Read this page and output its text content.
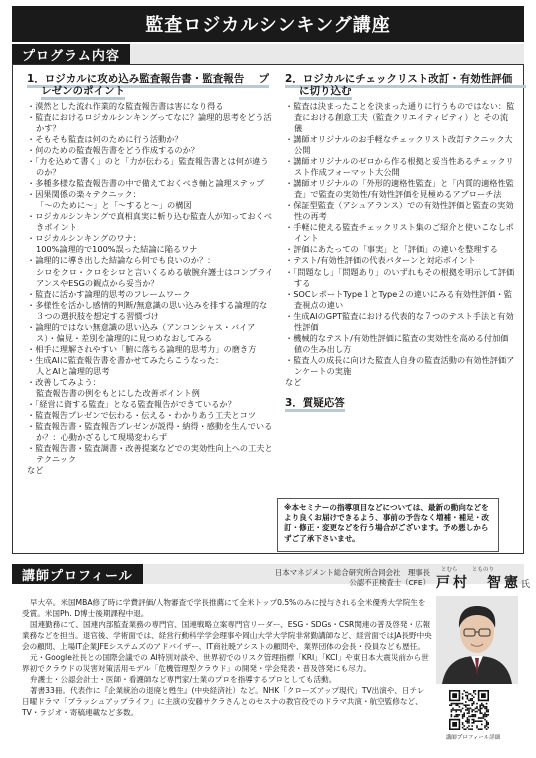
監査ロジカルシンキング講座
プログラム内容
1．ロジカルに攻め込み監査報告書・監査報告　 プレゼンのポイント
・漠然とした流れ作業的な監査報告書は害になり得る
・監査におけるロジカルシンキングってなに？論理的思考をどう活かす？
・そもそも監査は何のために行う活動か？
・何のための監査報告書をどう作成するのか？
・「力を込めて書く」のと「力が伝わる」監査報告書とは何が違うのか？
・多種多様な監査報告書の中で備えておくべき軸と論理ステップ
・因果関係の楽々テクニック：
「〜のために〜」と「〜すると〜」の構図
・ロジカルシンキングで真相真実に斬り込む監査人が知っておくべきポイント
・ロジカルシンキングのワナ：
100%論理的で100%誤った結論に陥るワナ
・論理的に導き出した結論なら何でも良いのか？：
シロをクロ・クロをシロと言いくるめる敏腕弁護士はコンプライアンスやESGの観点から妥当か？
・監査に活かす論理的思考のフレームワーク
・多様性を活かし感情的判断/無意識の思い込みを排する論理的な３つの選択肢を想定する習慣づけ
・論理的ではない無意識の思い込み（アンコンシャス・バイアス）・偏見・差別を論理的に見つめなおしてみる
・相手に理解されやすい「腑に落ちる論理的思考力」の磨き方
・生成AIに監査報告書を書かせてみたらこうなった：
人とAIと論理的思考
・改善してみよう：
監査報告書の例をもとにした改善ポイント例
・「経営に資する監査」となる監査報告ができているか？
・監査報告プレゼンで伝わる・伝える・わかりあう工夫とコツ
・監査報告書・監査報告プレゼンが説得・納得・感動を生んでいるか？：心動かざるして現場変わらず
・監査報告書・監査調書・改善提案などでの実効性向上への工夫とテクニック
など
2．ロジカルにチェックリスト改訂・有効性評価　 に切り込む
・監査は決まったことを決まった通りに行うものではない：監査における創意工夫（監査クリエイティビティ）と その流儀
・講師オリジナルのお手軽なチェックリスト改訂テクニック大公開
・講師オリジナルのゼロから作る根拠と妥当性あるチェックリスト作成フォーマット大公開
・講師オリジナルの「外形的適格性監査」と「内質的適格性監査」で監査の実効性/有効性評価を見極めるアプローチ法
・保証型監査（アシュアランス）での有効性評価と監査の実効性の再考
・手軽に使える監査チェックリスト集のご紹介と使いこなしポイント
・評価にあたっての「事実」と「評価」の違いを整理する
・テスト/有効性評価の代表パターンと対応ポイント
・「問題なし」「問題あり」のいずれもその根拠を明示して評価する
・SOCレポートType１とType２の違いにみる有効性評価・監査視点の違い
・生成AIのGPT監査における代表的な７つのテスト手法と有効性評価
・機械的なテスト/有効性評価に監査の実効性を高める付加価値の生み出し方
・監査人の成長に向けた監査人自身の監査活動の有効性評価アンケートの実施
など
3．質疑応答
※本セミナーの指導項目などについては、最新の動向などをより良くお届けできるよう、事前の予告なく増補・補足・改訂・修正・変更などを行う場合がございます。予め悪しからずご了承下さいませ。
講師プロフィール	日本マネジメント総合研究所合同会社　理事長
公認不正検査士（CFE）
とむら	とものり
戸村　智憲氏

早大卒。米国MBA修了時に学費評価/人物審査で学長推薦にて全米トップ0.5%のみに授与される全米優秀大学院生を受賞。米国Ph. D博士後期課程中退。

国連勤務にて、国連内部監査業務の専門官、国連戦略立案専門官リーダー、ESG・SDGs・CSR関連の普及啓発・広報業務などを担当。退官後、学術面では、経営行動科学学会理事や岡山大学大学院非常勤講師など、経営面ではJA長野中央会の顧問、上場IT企業JFEシステムズのアドバイザー、IT商社暁アシストの顧問や、業界団体の会長・役員なども歴任。

元・Google社長との国際会議での AI特別対談や、世界初でのリスク管理指標「KRI」「KCI」や東日本大震災前から世界初でクラウドの災害対策活用モデル「危機管理型クラウド」の開発・学会発表・普及啓発にも尽力。

弁護士・公認会計士・医師・看護師など専門家/士業のプロを指導するプロとしても活動。

著書33冊。代表作に『企業統治の退廃と甦生』(中央経済社）など。NHK「クローズアップ現代」TV出演や、日テレ日曜ドラマ「ブラッシュアップライフ」に主演の安藤サクラさんとのセスナの教官役でのドラマ共演・航空監修など、TV・ラジオ・寄稿連載など多数。

講師プロフィール詳細
